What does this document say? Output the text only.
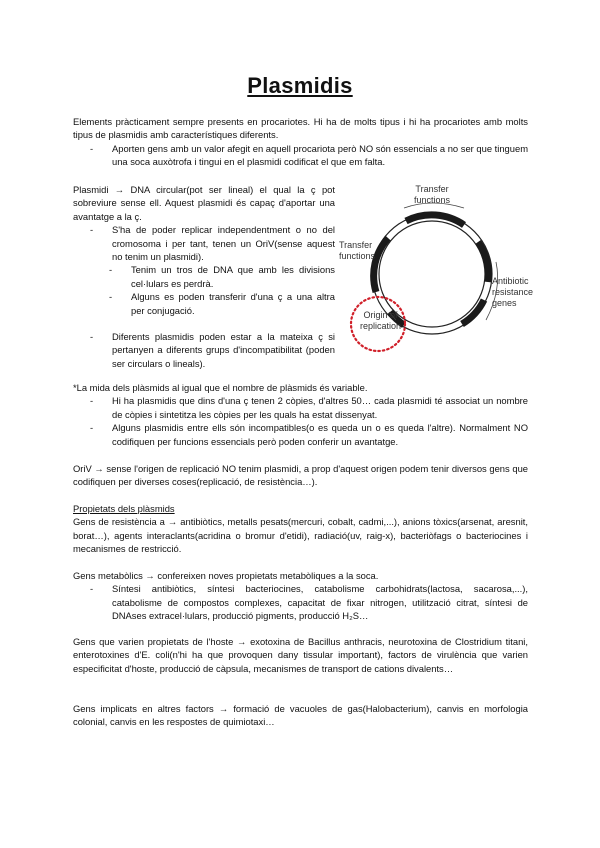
Plasmidis

Elements pràcticament sempre presents en procariotes. Hi ha de molts tipus i hi ha procariotes amb molts tipus de plasmidis amb característiques diferents.

- Aporten gens amb un valor afegit en aquell procariota però NO són essencials a no ser que tinguem una soca auxòtrofa i tingui en el plasmidi codificat el que em falta.

Plasmidi → DNA circular(pot ser lineal) el qual la ç pot sobreviure sense ell. Aquest plasmidi és capaç d'aportar una avantatge a la ç.

- S'ha de poder replicar independentment o no del cromosoma i per tant, tenen un OriV(sense aquest no tenim un plasmidi).
- Tenim un tros de DNA que amb les divisions cel·lulars es perdrà.
- Alguns es poden transferir d'una ç a una altra per conjugació.
- Diferents plasmidis poden estar a la mateixa ç si pertanyen a diferents grups d'incompatibilitat (poden ser circulars o lineals).
Transfer
functions
Transfer
functions
Antibiotic
resistance
genes
Origin of
replication

*La mida dels plàsmids al igual que el nombre de plàsmids és variable.

- Hi ha plasmidis que dins d'una ç tenen 2 còpies, d'altres 50… cada plasmidi té associat un nombre de còpies i sintetitza les còpies per les quals ha estat dissenyat.
- Alguns plasmidis entre ells són incompatibles(o es queda un o es queda l'altre). Normalment NO codifiquen per funcions essencials però poden conferir un avantatge.

OriV → sense l'origen de replicació NO tenim plasmidi, a prop d'aquest origen podem tenir diversos gens que codifiquen per diverses coses(replicació, de resistència…).

Propietats dels plàsmids

Gens de resistència a → antibiòtics, metalls pesats(mercuri, cobalt, cadmi,...), anions tòxics(arsenat, aresnit, borat…), agents interaclants(acridina o bromur d'etidi), radiació(uv, raig-x), bacteriòfags o bacteriocines i mecanismes de restricció.

Gens metabòlics → confereixen noves propietats metabòliques a la soca.

- Síntesi antibiòtics, síntesi bacteriocines, catabolisme carbohidrats(lactosa, sacarosa,...), catabolisme de compostos complexes, capacitat de fixar nitrogen, utilització citrat, síntesi de DNAses extracel·lulars, producció pigments, producció H₂S…

Gens que varien propietats de l'hoste → exotoxina de Bacillus anthracis, neurotoxina de Clostridium titani, enterotoxines d'E. coli(n'hi ha que provoquen dany tissular important), factors de virulència que varien especificitat d'hoste, producció de càpsula, mecanismes de transport de cations divalents…

Gens implicats en altres factors → formació de vacuoles de gas(Halobacterium), canvis en morfologia colonial, canvis en les respostes de quimiotaxi…
